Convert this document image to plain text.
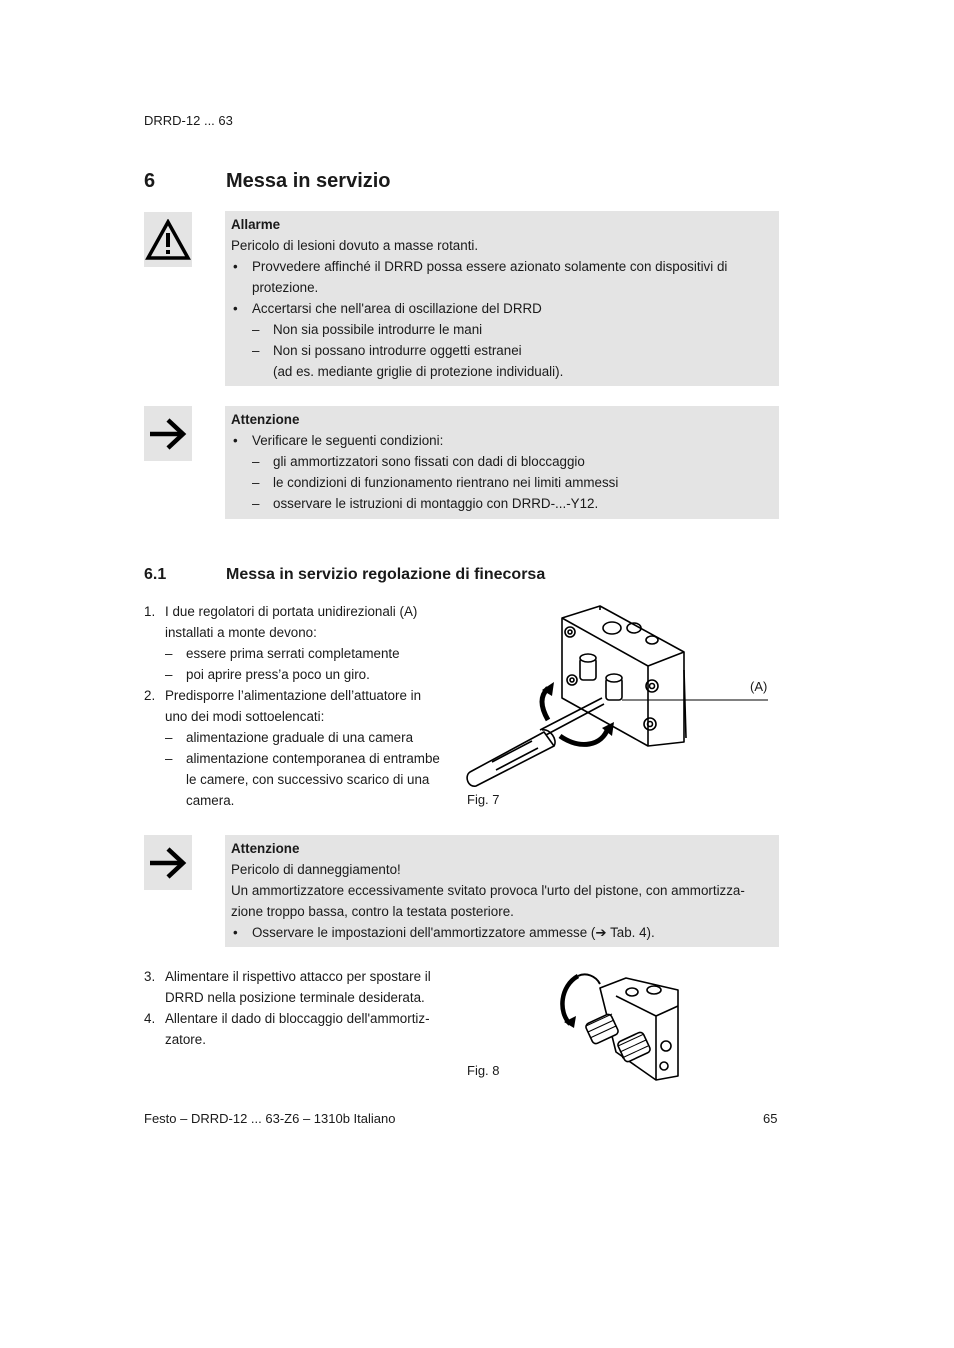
DRRD-12 ... 63
6	Messa in servizio
Allarme
Pericolo di lesioni dovuto a masse rotanti.
• Provvedere affinché il DRRD possa essere azionato solamente con dispositivi di
protezione.
• Accertarsi che nell'area di oscillazione del DRRD
– Non sia possibile introdurre le mani
– Non si possano introdurre oggetti estranei
(ad es. mediante griglie di protezione individuali).
Attenzione
• Verificare le seguenti condizioni:
– gli ammortizzatori sono fissati con dadi di bloccaggio
– le condizioni di funzionamento rientrano nei limiti ammessi
– osservare le istruzioni di montaggio con DRRD-...-Y12.
6.1	Messa in servizio regolazione di finecorsa
1. I due regolatori di portata unidirezionali (A)
installati a monte devono:
– essere prima serrati completamente
– poi aprire press’a poco un giro.
2. Predisporre l’alimentazione dell’attuatore in
uno dei modi sottoelencati:
– alimentazione graduale di una camera
– alimentazione contemporanea di entrambe
le camere, con successivo scarico di una
camera.
(A)
Fig. 7
Attenzione
Pericolo di danneggiamento!
Un ammortizzatore eccessivamente svitato provoca l'urto del pistone, con ammortizza-
zione troppo bassa, contro la testata posteriore.
• Osservare le impostazioni dell'ammortizzatore ammesse (➔ Tab. 4).
3. Alimentare il rispettivo attacco per spostare il
DRRD nella posizione terminale desiderata.
4. Allentare il dado di bloccaggio dell'ammortiz-
zatore.
Fig. 8
Festo – DRRD-12 ... 63-Z6 – 1310b Italiano	65
